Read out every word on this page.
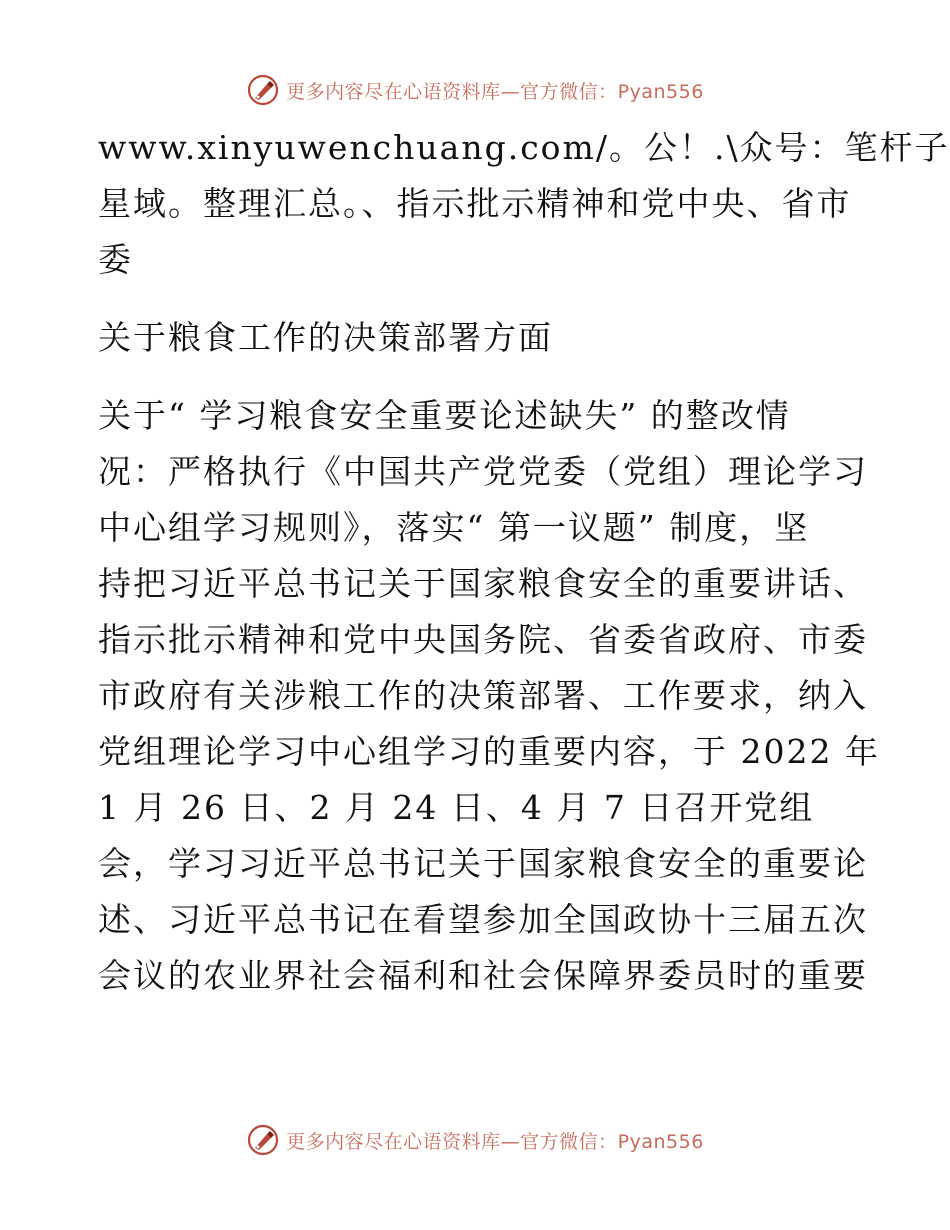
更多内容尽在心语资料库—官方微信：Pyan556
www.xinyuwenchuang.com/。公！.\众号：笔杆子
星域。整理汇总。、指示批示精神和党中央、省市
委
关于粮食工作的决策部署方面
关于“ 学习粮食安全重要论述缺失” 的整改情
况：严格执行《中国共产党党委（党组）理论学习
中心组学习规则》，落实“ 第一议题” 制度，坚
持把习近平总书记关于国家粮食安全的重要讲话、
指示批示精神和党中央国务院、省委省政府、市委
市政府有关涉粮工作的决策部署、工作要求，纳入
党组理论学习中心组学习的重要内容，于 2022 年
1 月 26 日、2 月 24 日、4 月 7 日召开党组
会，学习习近平总书记关于国家粮食安全的重要论
述、习近平总书记在看望参加全国政协十三届五次
会议的农业界社会福利和社会保障界委员时的重要
更多内容尽在心语资料库—官方微信：Pyan556
